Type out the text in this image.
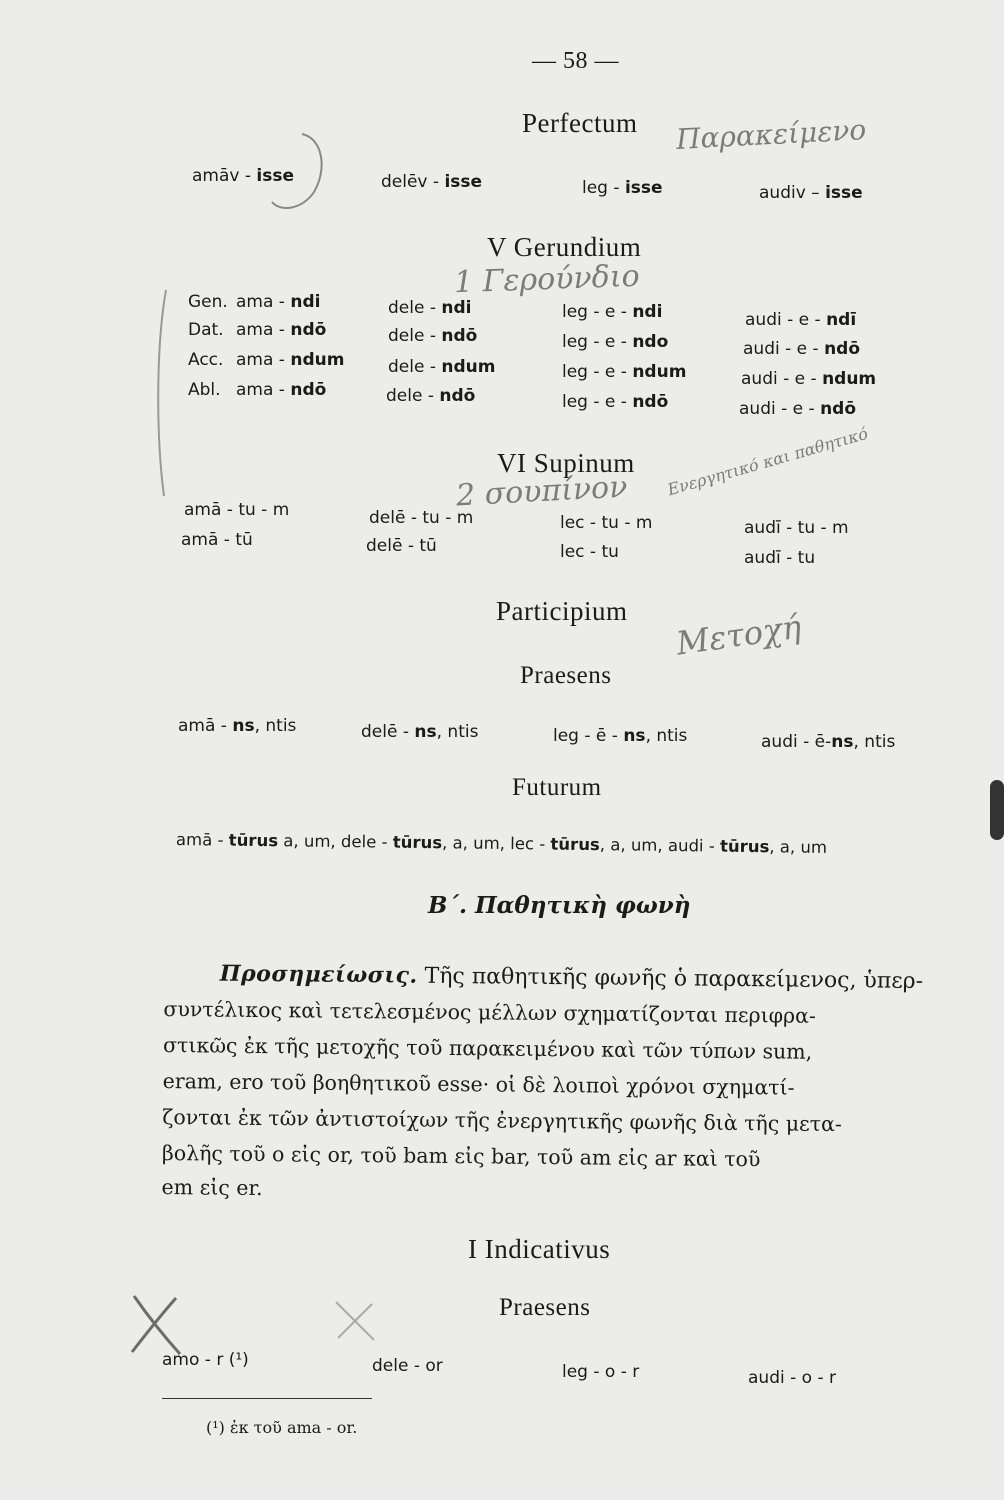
— 58 —
Perfectum Παρακείμενο
amāv - isse	delēv - isse	leg - isse	audiv – isse
V Gerundium
1 Γερούνδιο
Gen. ama - ndi	dele - ndi	leg - e - ndi	audi - e - ndī
Dat. ama - ndō	dele - ndō	leg - e - ndo	audi - e - ndō
Acc. ama - ndum	dele - ndum	leg - e - ndum	audi - e - ndum
Abl. ama - ndō	dele - ndō	leg - e - ndō	audi - e - ndō
VI Supinum
2 σουπίνον Ενεργητικό και παθητικό
amā - tu - m	delē - tu - m	lec - tu - m	audī - tu - m
amā - tū	delē - tū	lec - tu	audī - tu
Participium Μετοχή
Praesens
amā - ns, ntis	delē - ns, ntis	leg - ē - ns, ntis	audi - ē-ns, ntis
Futurum
amā - tūrus a, um, dele - tūrus, a, um, lec - tūrus, a, um, audi - tūrus, a, um
Β΄. Παθητικὴ φωνὴ
Προσημείωσις. Τῆς παθητικῆς φωνῆς ὁ παρακείμενος, ὑπερ-
συντέλικος καὶ τετελεσμένος μέλλων σχηματίζονται περιφρα-
στικῶς ἐκ τῆς μετοχῆς τοῦ παρακειμένου καὶ τῶν τύπων sum,
eram, ero τοῦ βοηθητικοῦ esse· οἱ δὲ λοιποὶ χρόνοι σχηματί-
ζονται ἐκ τῶν ἀντιστοίχων τῆς ἐνεργητικῆς φωνῆς διὰ τῆς μετα-
βολῆς τοῦ o εἰς or, τοῦ bam εἰς bar, τοῦ am εἰς ar καὶ τοῦ
em εἰς er.
I Indicativus
Praesens
amo - r (¹)	dele - or	leg - o - r	audi - o - r
(¹) ἐκ τοῦ ama - or.
